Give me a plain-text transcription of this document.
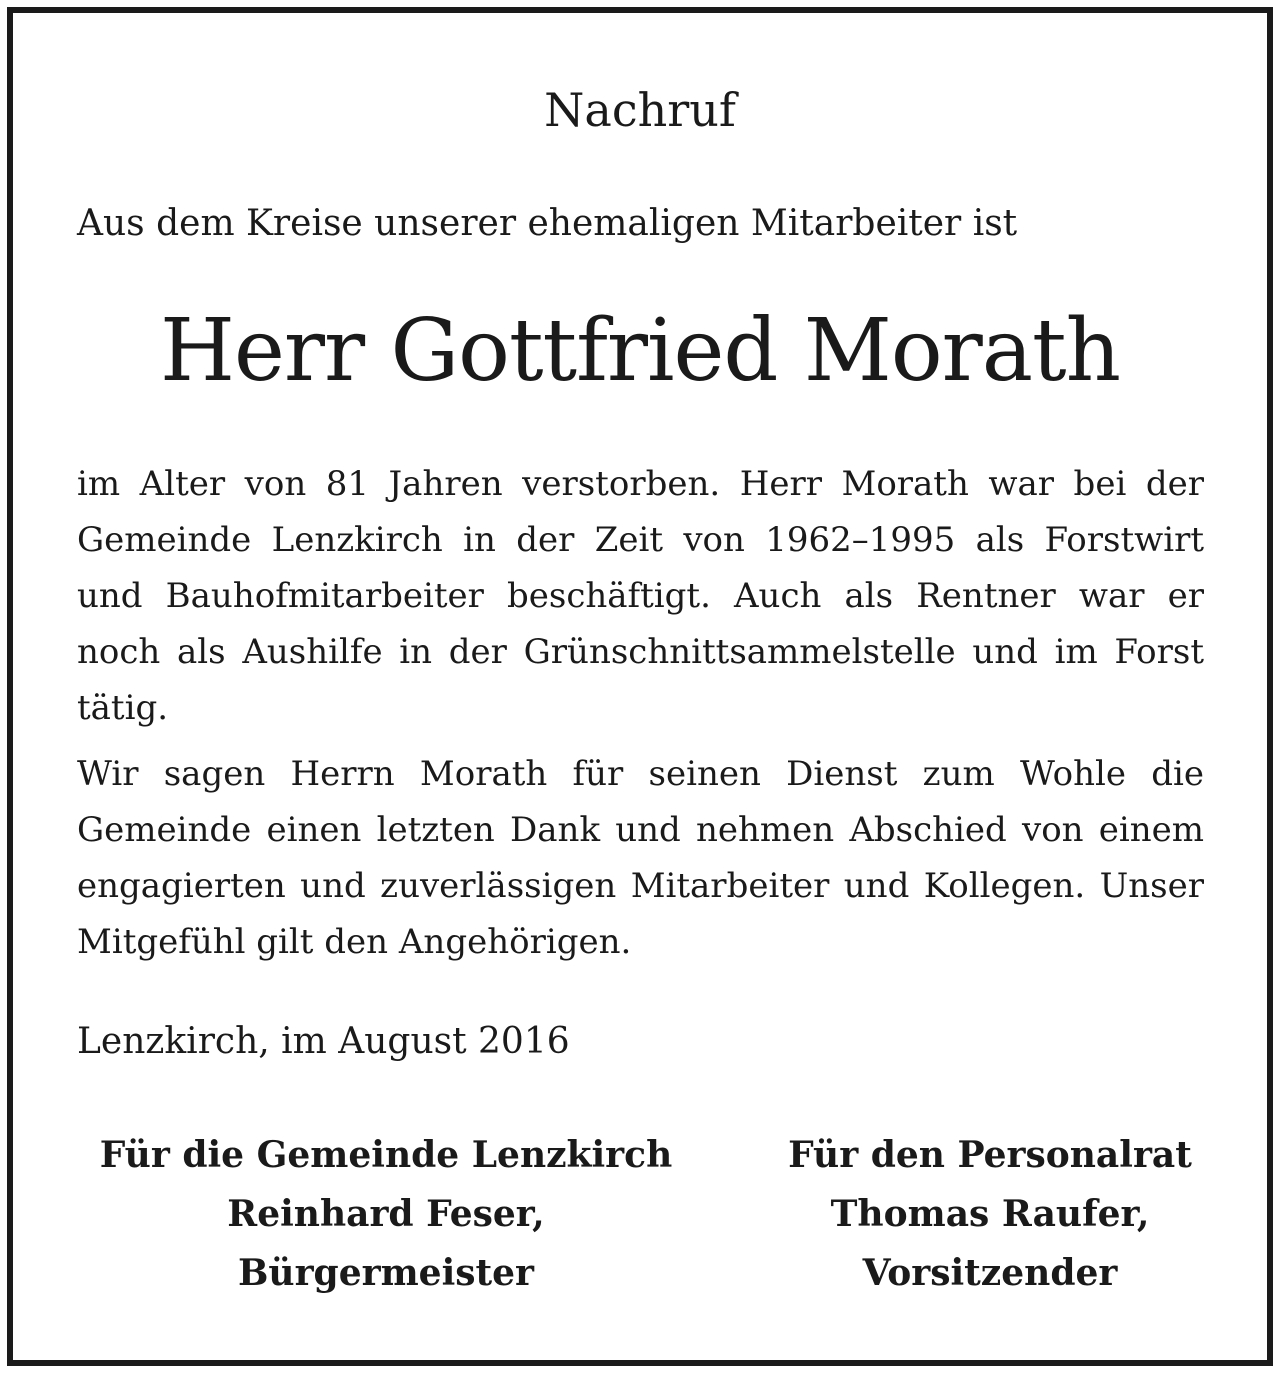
Nachruf
Aus dem Kreise unserer ehemaligen Mitarbeiter ist
Herr Gottfried Morath
im Alter von 81 Jahren verstorben. Herr Morath war bei der Gemeinde Lenzkirch in der Zeit von 1962–1995 als Forstwirt und Bauhofmitarbeiter beschäftigt. Auch als Rentner war er noch als Aushilfe in der Grünschnittsammelstelle und im Forst tätig.
Wir sagen Herrn Morath für seinen Dienst zum Wohle die Gemeinde einen letzten Dank und nehmen Abschied von einem engagierten und zuverlässigen Mitarbeiter und Kollegen. Unser Mitgefühl gilt den Angehörigen.
Lenzkirch, im August 2016
Für die Gemeinde Lenzkirch
Reinhard Feser,
Bürgermeister
Für den Personalrat
Thomas Raufer,
Vorsitzender
